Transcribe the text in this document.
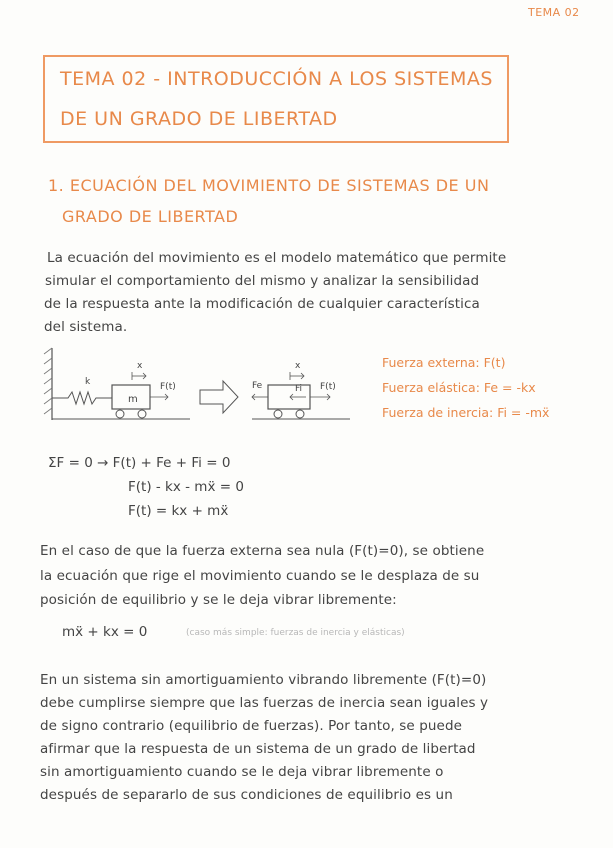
TEMA 02
TEMA 02 - INTRODUCCIÓN A LOS SISTEMAS
DE UN GRADO DE LIBERTAD
1. ECUACIÓN DEL MOVIMIENTO DE SISTEMAS DE UN
GRADO DE LIBERTAD
La ecuación del movimiento es el modelo matemático que permite
simular el comportamiento del mismo y analizar la sensibilidad
de la respuesta ante la modificación de cualquier característica
del sistema.
k
x
m
F(t)
x
Fe	Fi F(t)
Fuerza externa: F(t)
Fuerza elástica: Fe = -kx
Fuerza de inercia: Fi = -mẍ
ΣF = 0 → F(t) + Fe + Fi = 0
F(t) - kx - mẍ = 0
F(t) = kx + mẍ
En el caso de que la fuerza externa sea nula (F(t)=0), se obtiene
la ecuación que rige el movimiento cuando se le desplaza de su
posición de equilibrio y se le deja vibrar libremente:
mẍ + kx = 0	(caso más simple: fuerzas de inercia y elásticas)
En un sistema sin amortiguamiento vibrando libremente (F(t)=0)
debe cumplirse siempre que las fuerzas de inercia sean iguales y
de signo contrario (equilibrio de fuerzas). Por tanto, se puede
afirmar que la respuesta de un sistema de un grado de libertad
sin amortiguamiento cuando se le deja vibrar libremente o
después de separarlo de sus condiciones de equilibrio es un
